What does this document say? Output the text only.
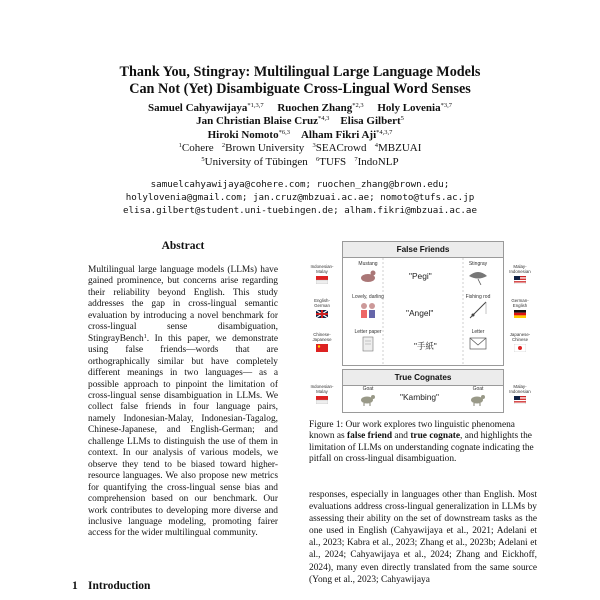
Thank You, Stingray: Multilingual Large Language Models
Can Not (Yet) Disambiguate Cross-Lingual Word Senses
Samuel Cahyawijaya$^{*1,3,7}$ Ruochen Zhang$^{*2,3}$ Holy Lovenia$^{*3,7}$
Jan Christian Blaise Cruz$^{*4,3}$ Elisa Gilbert$^5$
Hiroki Nomoto$^{*6,3}$ Alham Fikri Aji$^{*4,3,7}$
$^1$Cohere $^2$Brown University $^3$SEACrowd $^4$MBZUAI
$^5$University of Tübingen $^6$TUFS $^7$IndoNLP
samuelcahyawijaya@cohere.com; ruochen_zhang@brown.edu;
holylovenia@gmail.com; jan.cruz@mbzuai.ac.ae; nomoto@tufs.ac.jp
elisa.gilbert@student.uni-tuebingen.de; alham.fikri@mbzuai.ac.ae
Abstract
Multilingual large language models (LLMs) have gained prominence, but concerns arise regarding their reliability beyond English. This study addresses the gap in cross-lingual semantic evaluation by introducing a novel benchmark for cross-lingual sense disambiguation, StingrayBench$^1$. In this paper, we demonstrate using false friends—words that are orthographically similar but have completely different meanings in two languages— as a possible approach to pinpoint the limitation of cross-lingual sense disambiguation in LLMs. We collect false friends in four language pairs, namely Indonesian-Malay, Indonesian-Tagalog, Chinese-Japanese, and English-German; and challenge LLMs to distinguish the use of them in context. In our analysis of various models, we observe they tend to be biased toward higher-resource languages. We also propose new metrics for quantifying the cross-lingual sense bias and comprehension based on our benchmark. Our work contributes to developing more diverse and inclusive language modeling, promoting fairer access for the wider multilingual community.
1 Introduction
False Friends
True Cognates
Indonesian-Malay
Mustang
"Pegi"
Stingray	Malay-Indonesian
English-German
Lovely, darling
"Angel"
Fishing rod
German-English
Chinese-Japanese
Letter paper
"手紙"
Letter	Japanese-Chinese
Indonesian-Malay	Goat
"Kambing"
Goat	Malay-Indonesian
Figure 1: Our work explores two linguistic phenomena known as false friend and true cognate, and highlights the limitation of LLMs on understanding cognate indicating the pitfall on cross-lingual disambiguation.
responses, especially in languages other than English. Most evaluations address cross-lingual generalization in LLMs by assessing their ability on the set of downstream tasks as the one used in English (Cahyawijaya et al., 2021; Adelani et al., 2023; Kabra et al., 2023; Zhang et al., 2023b; Adelani et al., 2024; Cahyawijaya et al., 2024; Zhang and Eickhoff, 2024), many even directly translated from the same source (Yong et al., 2023; Cahyawijaya
